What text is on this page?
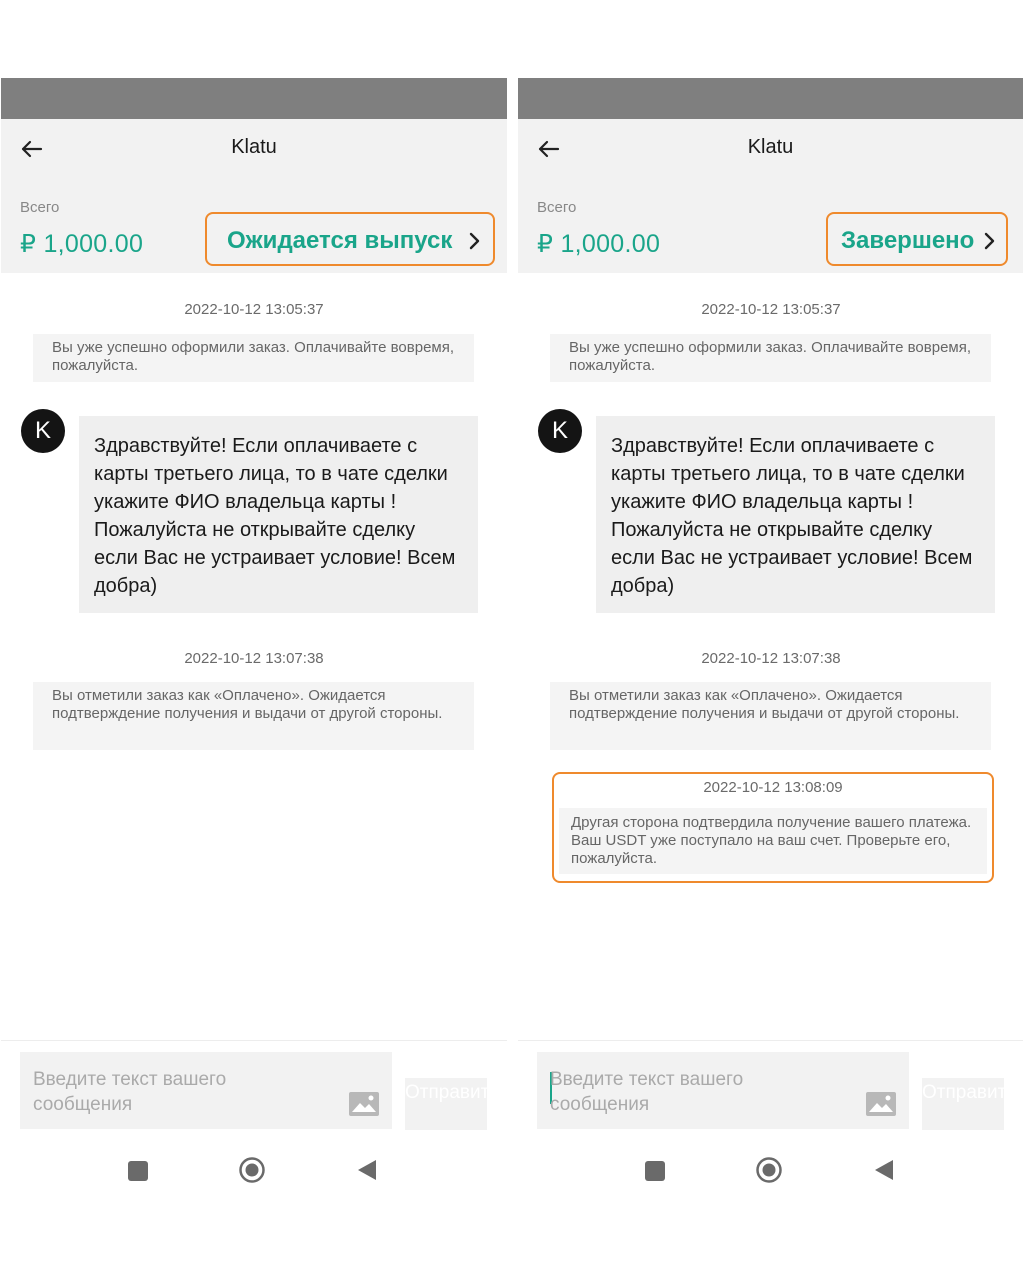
Klatu
Всего
₽ 1,000.00	Ожидается выпуск
2022-10-12 13:05:37
Вы уже успешно оформили заказ. Оплачивайте вовремя, пожалуйста.
K
Здравствуйте! Если оплачиваете с карты третьего лица, то в чате сделки укажите ФИО владельца карты ! Пожалуйста не открывайте сделку если Вас не устраивает условие! Всем добра)
2022-10-12 13:07:38
Вы отметили заказ как «Оплачено». Ожидается подтверждение получения и выдачи от другой стороны.
Введите текст вашего сообщения
Отправить
Klatu
Всего
₽ 1,000.00	Завершено
2022-10-12 13:05:37
Вы уже успешно оформили заказ. Оплачивайте вовремя, пожалуйста.
K
Здравствуйте! Если оплачиваете с карты третьего лица, то в чате сделки укажите ФИО владельца карты ! Пожалуйста не открывайте сделку если Вас не устраивает условие! Всем добра)
2022-10-12 13:07:38
Вы отметили заказ как «Оплачено». Ожидается подтверждение получения и выдачи от другой стороны.
2022-10-12 13:08:09
Другая сторона подтвердила получение вашего платежа. Ваш USDT уже поступало на ваш счет. Проверьте его, пожалуйста.
Введите текст вашего сообщения
Отправить
